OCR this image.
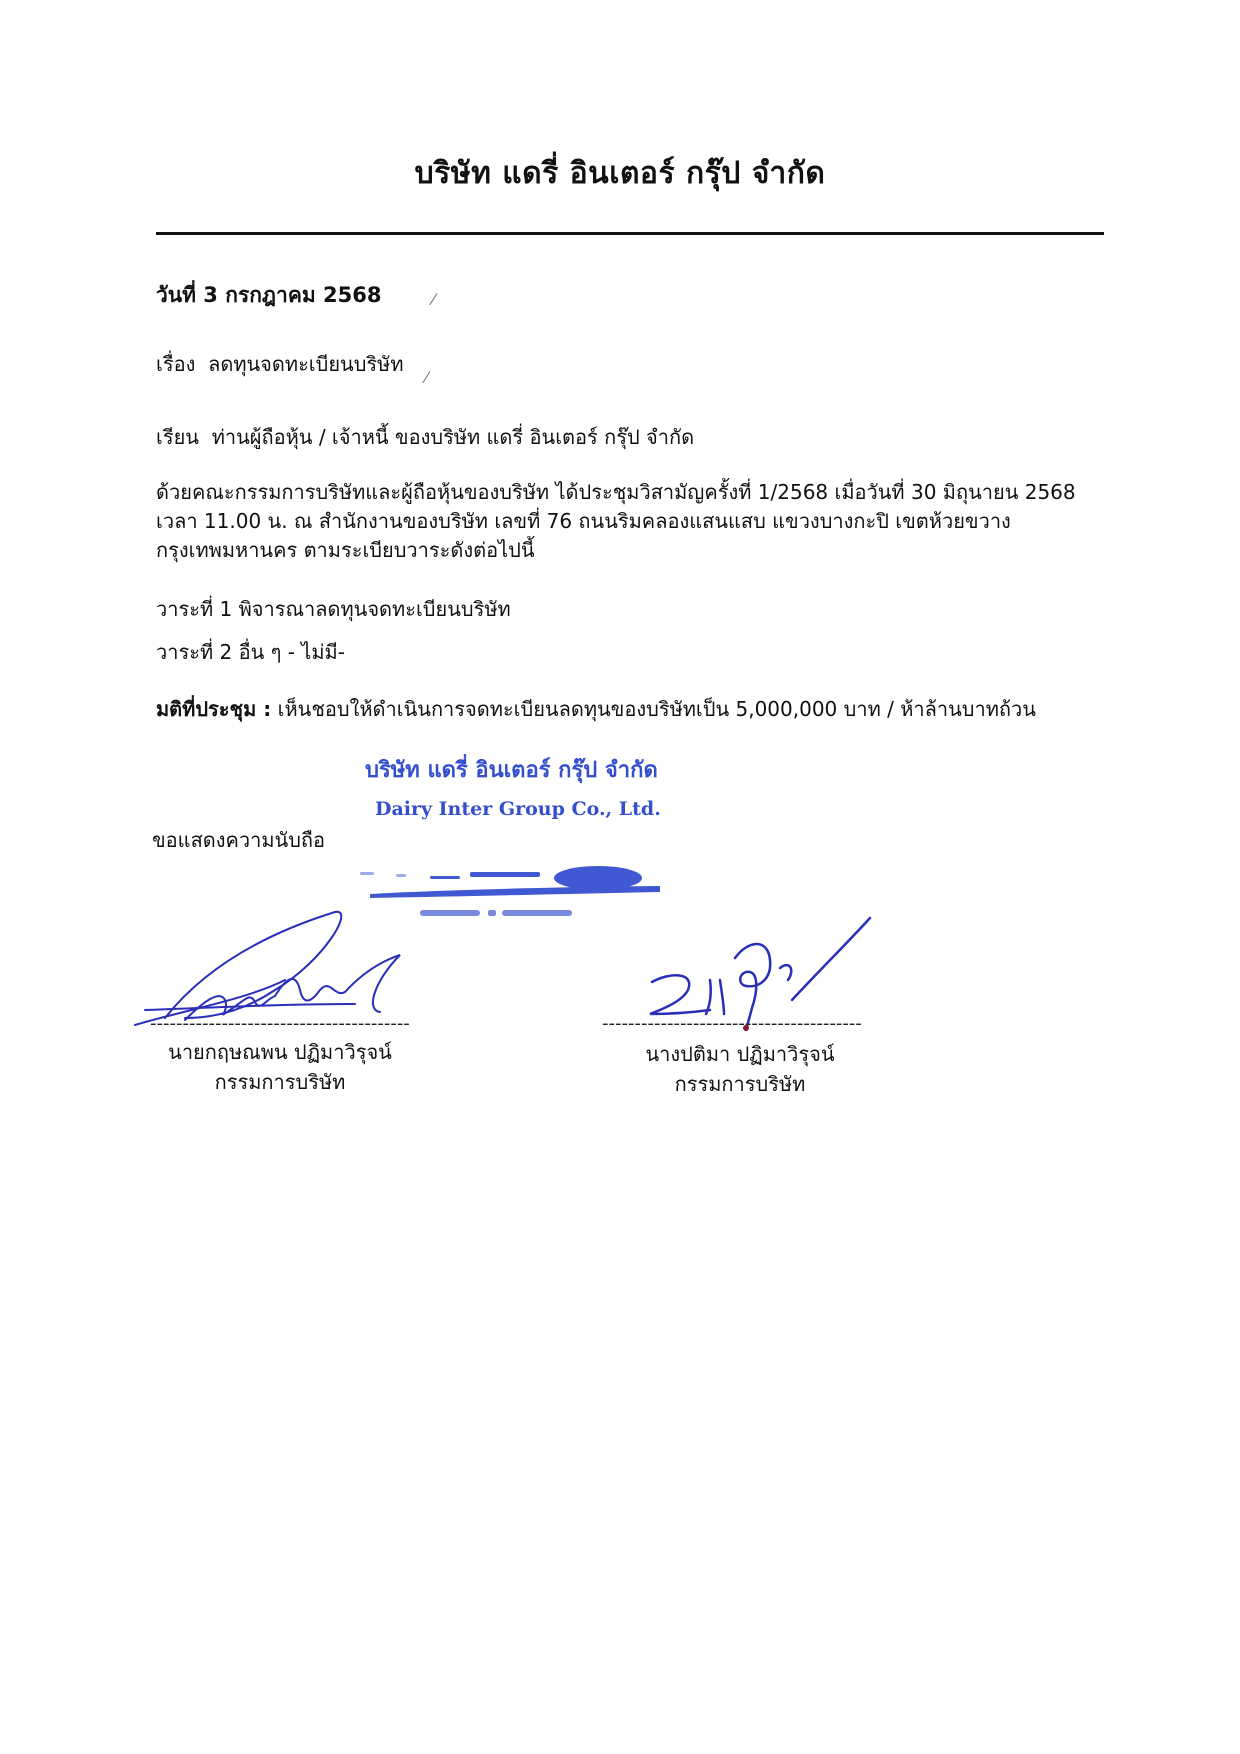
บริษัท แดรี่ อินเตอร์ กรุ๊ป จำกัด
วันที่ 3 กรกฎาคม 2568	⁄
เรื่อง ลดทุนจดทะเบียนบริษัท
⁄
เรียน ท่านผู้ถือหุ้น / เจ้าหนี้ ของบริษัท แดรี่ อินเตอร์ กรุ๊ป จำกัด
ด้วยคณะกรรมการบริษัทและผู้ถือหุ้นของบริษัท ได้ประชุมวิสามัญครั้งที่ 1/2568 เมื่อวันที่ 30 มิถุนายน 2568
เวลา 11.00 น. ณ สำนักงานของบริษัท เลขที่ 76 ถนนริมคลองแสนแสบ แขวงบางกะปิ เขตห้วยขวาง
กรุงเทพมหานคร ตามระเบียบวาระดังต่อไปนี้
วาระที่ 1 พิจารณาลดทุนจดทะเบียนบริษัท
วาระที่ 2 อื่น ๆ - ไม่มี-
มติที่ประชุม : เห็นชอบให้ดำเนินการจดทะเบียนลดทุนของบริษัทเป็น 5,000,000 บาท / ห้าล้านบาทถ้วน
บริษัท แดรี่ อินเตอร์ กรุ๊ป จำกัด
Dairy Inter Group Co., Ltd.
ขอแสดงความนับถือ
----------------------------------------
นายกฤษณพน ปฏิมาวิรุจน์
กรรมการบริษัท
----------------------------------------
นางปติมา ปฏิมาวิรุจน์
กรรมการบริษัท
